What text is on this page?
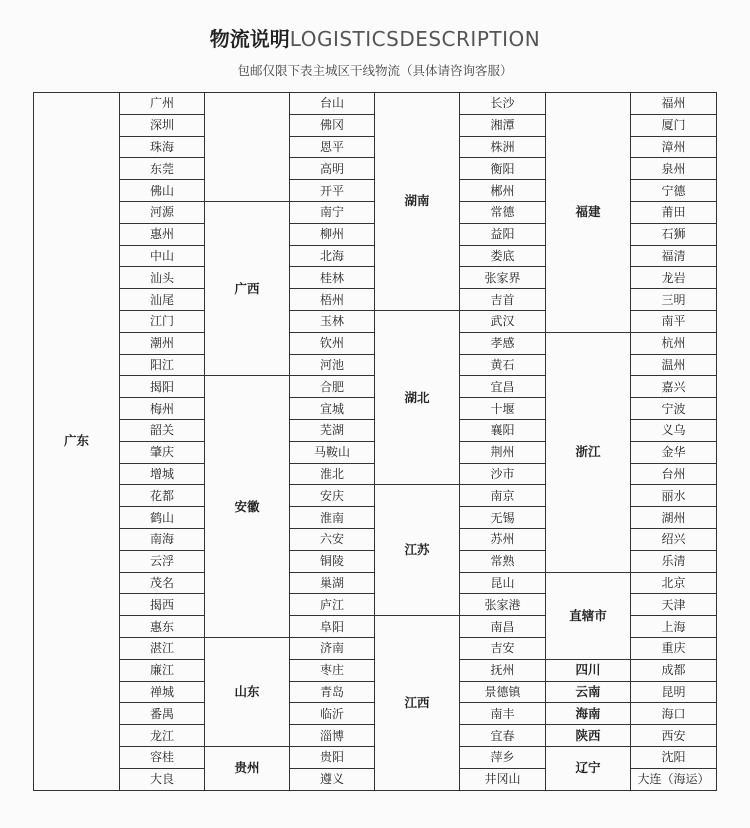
物流说明LOGISTICSDESCRIPTION
包邮仅限下表主城区干线物流（具体请咨询客服）
广东	广州		台山	湖南	长沙	福建	福州
	深圳		佛冈		湘潭		厦门
	珠海		恩平		株洲		漳州
	东莞		高明		衡阳		泉州
	佛山		开平		郴州		宁德
	河源	广西	南宁		常德		莆田
	惠州		柳州		益阳		石狮
	中山		北海		娄底		福清
	汕头		桂林		张家界		龙岩
	汕尾		梧州		吉首		三明
	江门		玉林	湖北	武汉		南平
	潮州		钦州		孝感	浙江	杭州
	阳江		河池		黄石		温州
	揭阳	安徽	合肥		宜昌		嘉兴
	梅州		宣城		十堰		宁波
	韶关		芜湖		襄阳		义乌
	肇庆		马鞍山		荆州		金华
	增城		淮北		沙市		台州
	花都		安庆	江苏	南京		丽水
	鹤山		淮南		无锡		湖州
	南海		六安		苏州		绍兴
	云浮		铜陵		常熟		乐清
	茂名		巢湖		昆山	直辖市	北京
	揭西		庐江		张家港		天津
	惠东		阜阳	江西	南昌		上海
	湛江	山东	济南		吉安		重庆
	廉江		枣庄		抚州	四川	成都
	禅城		青岛		景德镇	云南	昆明
	番禺		临沂		南丰	海南	海口
	龙江		淄博		宜春	陕西	西安
	容桂	贵州	贵阳		萍乡	辽宁	沈阳
	大良		遵义		井冈山		大连（海运）
